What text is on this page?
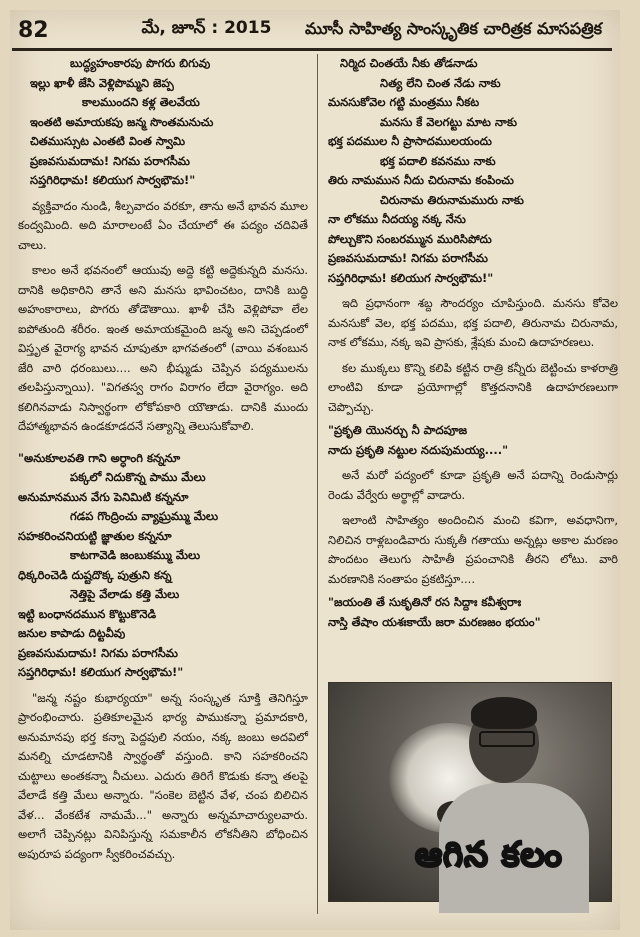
82	మే, జూన్ : 2015	మూసీ సాహిత్య సాంస్కృతిక చారిత్రక మాసపత్రిక
బుద్ధ్యహంకారపు పొగరు బిగువు
ఇల్లు ఖాళీ జేసి వెళ్లిపొమ్మని జెప్ప
కాలముందని కళ్ల తెలవేయ
ఇంతటి అమాయకపు జన్మ సొంతమనుచు
చితముస్సుట ఎంతటి వింత స్వామి
ప్రణవసుమదామ! నిగమ పరాగసీమ
సప్తగిరిధామ! కలియుగ సార్వభౌమ!"
వ్యక్తివాదం నుండి, శీల్పవాదం వరకూ, తాను అనే భావన మూల కంద్వమింది. అది మారాలంటే ఏం చేయాలో ఈ పద్యం చదివితే చాలు.
కాలం అనే భవనంలో ఆయువు అద్దె కట్టి అద్దెకున్నది మనసు. దానికి అధికారిని తానే అని మనసు భావించటం, దానికి బుద్ధి అహంకారాలు, పొగరు తోడౌతాయి. ఖాళీ చేసి వెళ్లిపోవా లేల ఐపోతుంది శరీరం. ఇంత అమాయకమైంది జన్మ అని చెప్పడంలో విస్తృత వైరాగ్య భావన చూపుతూ భాగవతంలో (వాయి వశంబున జేరి వారి ధరంబులు.... అని భీష్ముడు చెప్పిన పద్యములను తలపిస్తున్నాయి). "విగతస్వ రాగం విరాగం లేదా వైరాగ్యం. అది కలిగినవాడు నిస్వార్థంగా లోకోపకారి యౌతాడు. దానికి ముందు దేహాత్మభావన ఉండకూడదనే సత్యాన్ని తెలుసుకోవాలి.
"అనుకూలవతి గాని అర్ధాంగి కన్ననూ
పక్కలో నిదుకొన్న పాము మేలు
అనుమానమున వేగు పెనిమిటి కన్ననూ
గడప గొంద్రించు వ్యాఘ్రమ్ము మేలు
సహకరించనియట్టి జ్ఞాతుల కన్ననూ
కాటగావెడి జంబుకమ్ము మేలు
ధిక్కరించెడి దుష్టదొక్క పుత్రుని కన్న
నెత్తిపై వేలాడు కత్తి మేలు
ఇట్టి బంధానదమున కొట్టుకొనెడి
జనుల కాపాడు దిట్టవీవు
ప్రణవసుమదామ! నిగమ పరాగసీమ
సప్తగిరిధామ! కలియుగ సార్వభౌమ!"
"జన్మ నష్టం కుభార్యయా" అన్న సంస్కృత సూక్తి తెనిగిస్తూ ప్రారంభించారు. ప్రతికూలమైన భార్య పాముకన్నా ప్రమాదకారి, అనుమానపు భర్త కన్నా పెద్దపులి నయం, నక్క జంబు అదవిలో మనల్ని చూడటానికి స్వార్థంతో వస్తుంది. కాని సహకరించని చుట్టాలు అంతకన్నా నీచులు. ఎదురు తిరిగే కొడుకు కన్నా తలపై వేలాడే కత్తి మేలు అన్నారు. "సంకెల బెట్టిన వేళ, చంప బిలిచిన వేళ... వేంకటేశ నామమే..." అన్నారు అన్నమాచార్యులవారు. అలాగే చెప్పినట్లు వినిపిస్తున్న సమకాలీన లోకనీతిని బోధించిన అపురూప పద్యంగా స్వీకరించవచ్చు.
నిర్మిద చింతయే నీకు తోడనాడు
నిత్య లేని చింత నేడు నాకు
మనసుకోవెల గట్టి మంత్రము నీకట
మనసు కే వెలగట్టు మాట నాకు
భక్త పదముల నీ ప్రాసాదములయందు
భక్త పదాలి కవనము నాకు
తిరు నామమున నీదు చిరునామ కంపించు
చిరునామ తిరునామమురు నాకు
నా లోకము నీదయ్య నక్క నేను
పోల్చుకొని సంబరమ్మున మురిసిపోదు
ప్రణవసుమదామ! నిగమ పరాగసీమ
సప్తగిరిధామ! కలియుగ సార్వభౌమ!"
ఇది ప్రధానంగా శబ్ద సౌందర్యం చూపిస్తుంది. మనసు కోవెల మనసుకో వెల, భక్త పదము, భక్త పదాలి, తిరునామ చిరునామ, నాక లోకము, నక్క ఇవి ప్రాసకు, శ్లేషకు మంచి ఉదాహరణలు.
కల ముక్కలు కొన్ని కలిపి కట్టిన రాత్రి కన్నీరు బెట్టించు కాళరాత్రి లాంటివి కూడా ప్రయోగాల్లో కొత్తదనానికి ఉదాహరణలుగా చెప్పొచ్చు.
"ప్రకృతి యొనర్చు నీ పాదపూజ
నాదు ప్రకృతి నట్టుల నదుపుమయ్య...."
అనే మరో పద్యంలో కూడా ప్రకృతి అనే పదాన్ని రెండుసార్లు రెండు వేర్వేరు అర్థాల్లో వాడారు.
ఇలాంటి సాహిత్యం అందించిన మంచి కవిగా, అవధానిగా, నిలిచిన రాళ్లబండివారు సుక్కతీ గతాయు అన్నట్లు అకాల మరణం పొందటం తెలుగు సాహితీ ప్రపంచానికి తీరని లోటు. వారి మరణానికి సంతాపం ప్రకటిస్తూ....
"జయంతి తే సుకృతినో రస సిద్దాః కవీశ్వరాః
నాస్తి తేషాం యశఃకాయే జరా మరణజం భయం"
ఆగిన కలం
